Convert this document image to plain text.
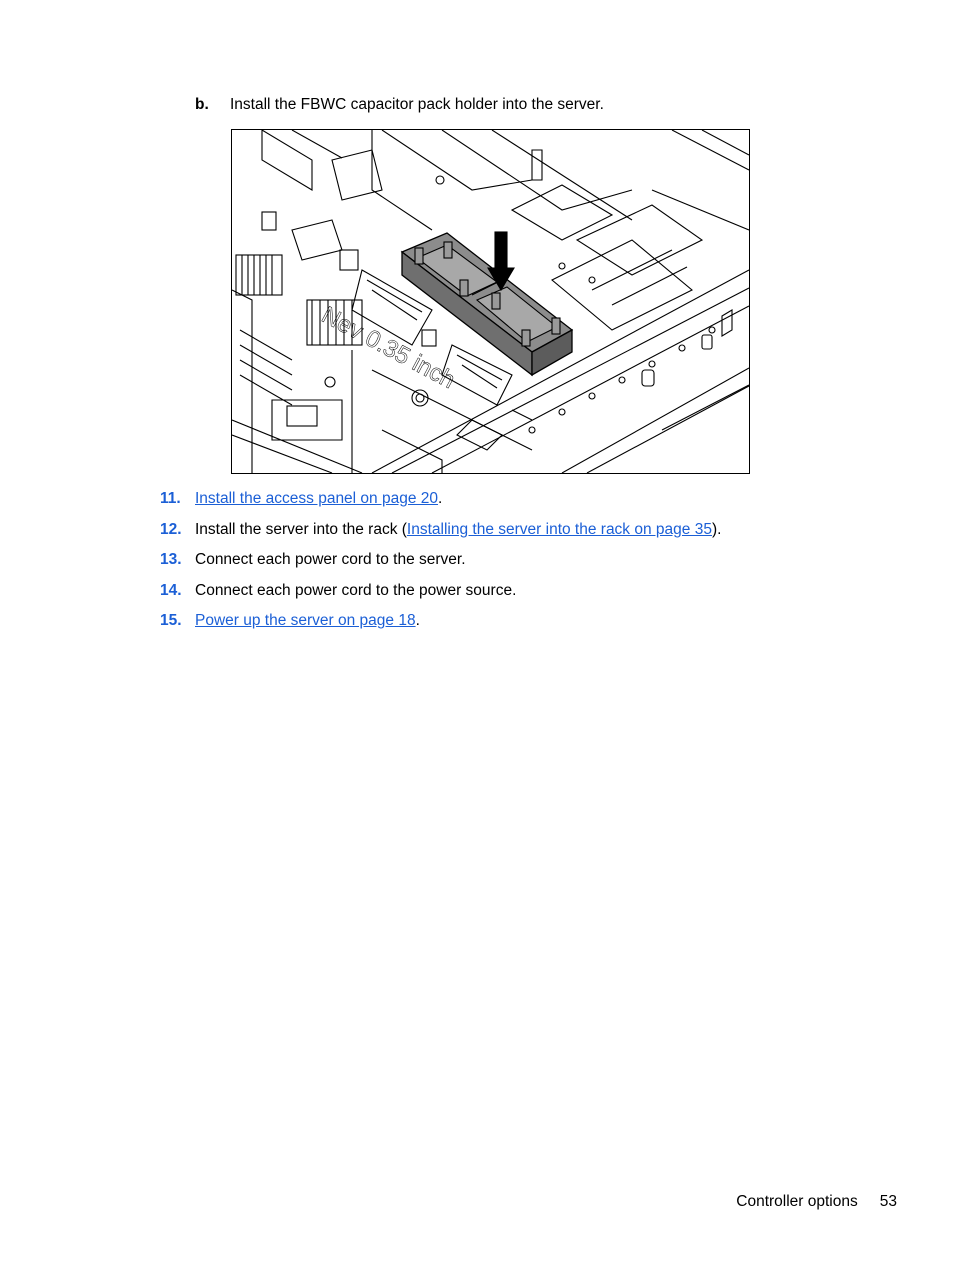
b. Install the FBWC capacitor pack holder into the server.
Nev 0.35 inch
11. Install the access panel on page 20.
12. Install the server into the rack (Installing the server into the rack on page 35).
13. Connect each power cord to the server.
14. Connect each power cord to the power source.
15. Power up the server on page 18.
Controller options 53
